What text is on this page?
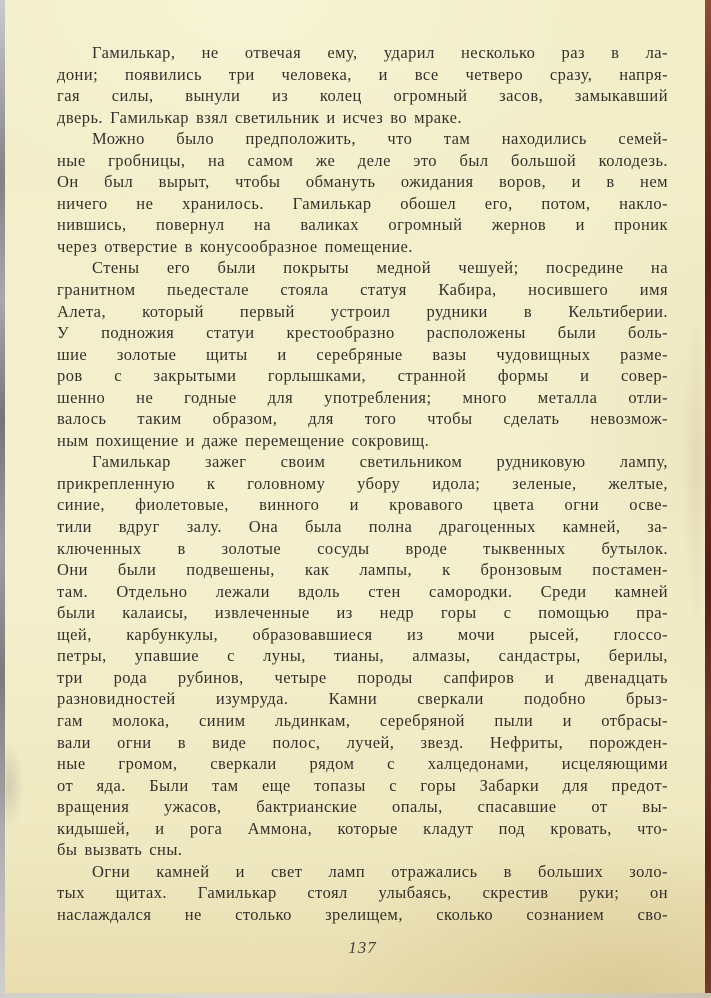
Гамилькар, не отвечая ему, ударил несколько раз в ла-
дони; появились три человека, и все четверо сразу, напря-
гая силы, вынули из колец огромный засов, замыкавший
дверь. Гамилькар взял светильник и исчез во мраке.

Можно было предположить, что там находились семей-
ные гробницы, на самом же деле это был большой колодезь.
Он был вырыт, чтобы обмануть ожидания воров, и в нем
ничего не хранилось. Гамилькар обошел его, потом, накло-
нившись, повернул на валиках огромный жернов и проник
через отверстие в конусообразное помещение.

Стены его были покрыты медной чешуей; посредине на
гранитном пьедестале стояла статуя Кабира, носившего имя
Алета, который первый устроил рудники в Кельтиберии.
У подножия статуи крестообразно расположены были боль-
шие золотые щиты и серебряные вазы чудовищных разме-
ров с закрытыми горлышками, странной формы и совер-
шенно не годные для употребления; много металла отли-
валось таким образом, для того чтобы сделать невозмож-
ным похищение и даже перемещение сокровищ.

Гамилькар зажег своим светильником рудниковую лампу,
прикрепленную к головному убору идола; зеленые, желтые,
синие, фиолетовые, винного и кровавого цвета огни осве-
тили вдруг залу. Она была полна драгоценных камней, за-
ключенных в золотые сосуды вроде тыквенных бутылок.
Они были подвешены, как лампы, к бронзовым постамен-
там. Отдельно лежали вдоль стен самородки. Среди камней
были калаисы, извлеченные из недр горы с помощью пра-
щей, карбункулы, образовавшиеся из мочи рысей, глоссо-
петры, упавшие с луны, тианы, алмазы, сандастры, берилы,
три рода рубинов, четыре породы сапфиров и двенадцать
разновидностей изумруда. Камни сверкали подобно брыз-
гам молока, синим льдинкам, серебряной пыли и отбрасы-
вали огни в виде полос, лучей, звезд. Нефриты, порожден-
ные громом, сверкали рядом с халцедонами, исцеляющими
от яда. Были там еще топазы с горы Забарки для предот-
вращения ужасов, бактрианские опалы, спасавшие от вы-
кидышей, и рога Аммона, которые кладут под кровать, что-
бы вызвать сны.

Огни камней и свет ламп отражались в больших золо-
тых щитах. Гамилькар стоял улыбаясь, скрестив руки; он
наслаждался не столько зрелищем, сколько сознанием сво-

137
